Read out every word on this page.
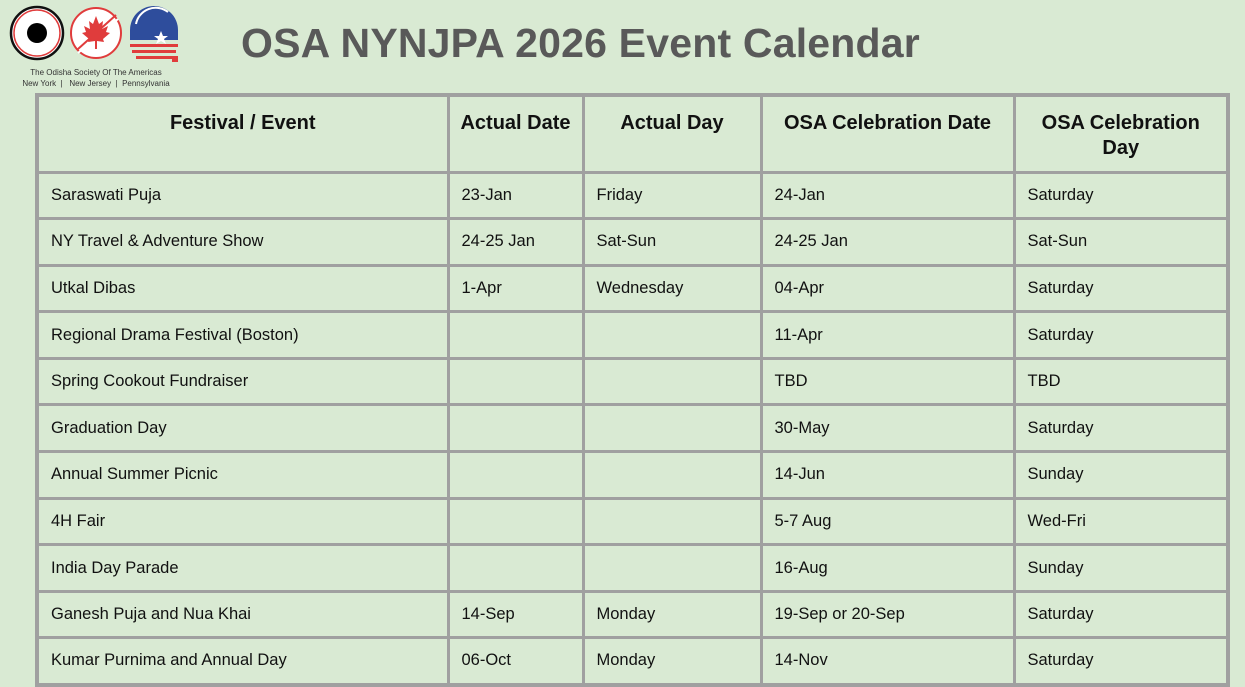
The Odisha Society Of The Americas
New York  |   New Jersey  |  Pennsylvania
OSA NYNJPA 2026 Event Calendar
Festival / Event	Actual Date	Actual Day	OSA Celebration Date	OSA Celebration Day
Saraswati Puja	23-Jan	Friday	24-Jan	Saturday
NY Travel & Adventure Show	24-25 Jan	Sat-Sun	24-25 Jan	Sat-Sun
Utkal Dibas	1-Apr	Wednesday	04-Apr	Saturday
Regional Drama Festival (Boston)			11-Apr	Saturday
Spring Cookout Fundraiser			TBD	TBD
Graduation Day			30-May	Saturday
Annual Summer Picnic			14-Jun	Sunday
4H Fair			5-7 Aug	Wed-Fri
India Day Parade			16-Aug	Sunday
Ganesh Puja and Nua Khai	14-Sep	Monday	19-Sep or 20-Sep	Saturday
Kumar Purnima and Annual Day	06-Oct	Monday	14-Nov	Saturday
